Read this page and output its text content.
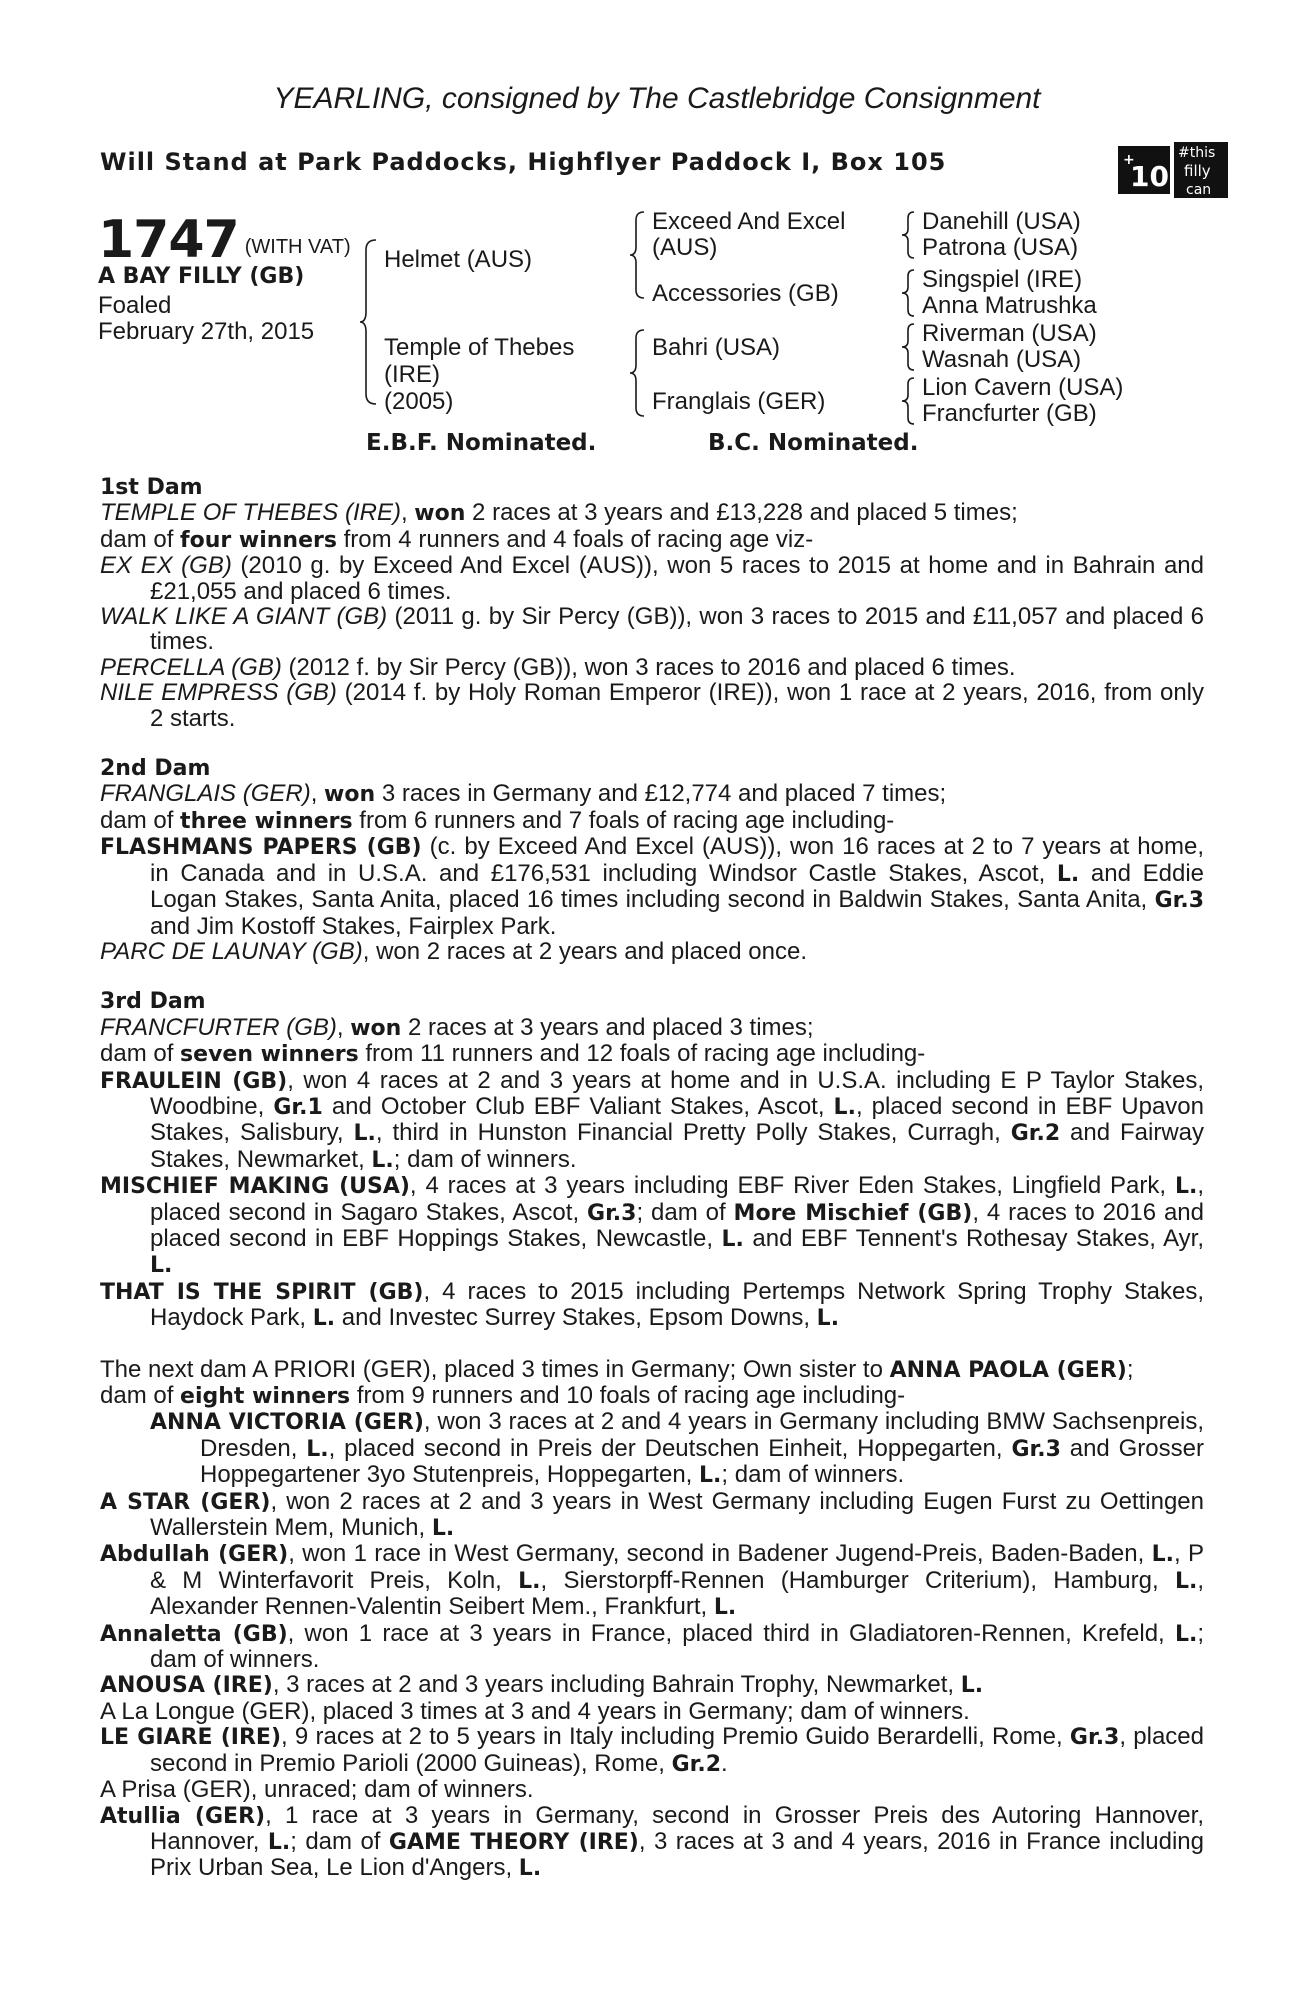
YEARLING, consigned by The Castlebridge Consignment
Will Stand at Park Paddocks, Highflyer Paddock I, Box 105	+
10
#this
filly
can
1747 (WITH VAT)
A BAY FILLY (GB)
Foaled
February 27th, 2015
Helmet (AUS)
Temple of Thebes
(IRE)
(2005)
Exceed And Excel
(AUS)
Accessories (GB)
Bahri (USA)
Franglais (GER)
Danehill (USA)
Patrona (USA)
Singspiel (IRE)
Anna Matrushka
Riverman (USA)
Wasnah (USA)
Lion Cavern (USA)
Francfurter (GB)
E.B.F. Nominated.	B.C. Nominated.

1st Dam

TEMPLE OF THEBES (IRE), won 2 races at 3 years and £13,228 and placed 5 times;

dam of four winners from 4 runners and 4 foals of racing age viz-

EX EX (GB) (2010 g. by Exceed And Excel (AUS)), won 5 races to 2015 at home and in Bahrain and £21,055 and placed 6 times.

WALK LIKE A GIANT (GB) (2011 g. by Sir Percy (GB)), won 3 races to 2015 and £11,057 and placed 6 times.

PERCELLA (GB) (2012 f. by Sir Percy (GB)), won 3 races to 2016 and placed 6 times.

NILE EMPRESS (GB) (2014 f. by Holy Roman Emperor (IRE)), won 1 race at 2 years, 2016, from only 2 starts.

2nd Dam

FRANGLAIS (GER), won 3 races in Germany and £12,774 and placed 7 times;

dam of three winners from 6 runners and 7 foals of racing age including-

FLASHMANS PAPERS (GB) (c. by Exceed And Excel (AUS)), won 16 races at 2 to 7 years at home, in Canada and in U.S.A. and £176,531 including Windsor Castle Stakes, Ascot, L. and Eddie Logan Stakes, Santa Anita, placed 16 times including second in Baldwin Stakes, Santa Anita, Gr.3 and Jim Kostoff Stakes, Fairplex Park.

PARC DE LAUNAY (GB), won 2 races at 2 years and placed once.

3rd Dam

FRANCFURTER (GB), won 2 races at 3 years and placed 3 times;

dam of seven winners from 11 runners and 12 foals of racing age including-

FRAULEIN (GB), won 4 races at 2 and 3 years at home and in U.S.A. including E P Taylor Stakes, Woodbine, Gr.1 and October Club EBF Valiant Stakes, Ascot, L., placed second in EBF Upavon Stakes, Salisbury, L., third in Hunston Financial Pretty Polly Stakes, Curragh, Gr.2 and Fairway Stakes, Newmarket, L.; dam of winners.

MISCHIEF MAKING (USA), 4 races at 3 years including EBF River Eden Stakes, Lingfield Park, L., placed second in Sagaro Stakes, Ascot, Gr.3; dam of More Mischief (GB), 4 races to 2016 and placed second in EBF Hoppings Stakes, Newcastle, L. and EBF Tennent's Rothesay Stakes, Ayr, L.

THAT IS THE SPIRIT (GB), 4 races to 2015 including Pertemps Network Spring Trophy Stakes, Haydock Park, L. and Investec Surrey Stakes, Epsom Downs, L.

The next dam A PRIORI (GER), placed 3 times in Germany; Own sister to ANNA PAOLA (GER);

dam of eight winners from 9 runners and 10 foals of racing age including-

ANNA VICTORIA (GER), won 3 races at 2 and 4 years in Germany including BMW Sachsenpreis, Dresden, L., placed second in Preis der Deutschen Einheit, Hoppegarten, Gr.3 and Grosser Hoppegartener 3yo Stutenpreis, Hoppegarten, L.; dam of winners.

A STAR (GER), won 2 races at 2 and 3 years in West Germany including Eugen Furst zu Oettingen Wallerstein Mem, Munich, L.

Abdullah (GER), won 1 race in West Germany, second in Badener Jugend-Preis, Baden-Baden, L., P & M Winterfavorit Preis, Koln, L., Sierstorpff-Rennen (Hamburger Criterium), Hamburg, L., Alexander Rennen-Valentin Seibert Mem., Frankfurt, L.

Annaletta (GB), won 1 race at 3 years in France, placed third in Gladiatoren-Rennen, Krefeld, L.; dam of winners.

ANOUSA (IRE), 3 races at 2 and 3 years including Bahrain Trophy, Newmarket, L.

A La Longue (GER), placed 3 times at 3 and 4 years in Germany; dam of winners.

LE GIARE (IRE), 9 races at 2 to 5 years in Italy including Premio Guido Berardelli, Rome, Gr.3, placed second in Premio Parioli (2000 Guineas), Rome, Gr.2.

A Prisa (GER), unraced; dam of winners.

Atullia (GER), 1 race at 3 years in Germany, second in Grosser Preis des Autoring Hannover, Hannover, L.; dam of GAME THEORY (IRE), 3 races at 3 and 4 years, 2016 in France including Prix Urban Sea, Le Lion d'Angers, L.
